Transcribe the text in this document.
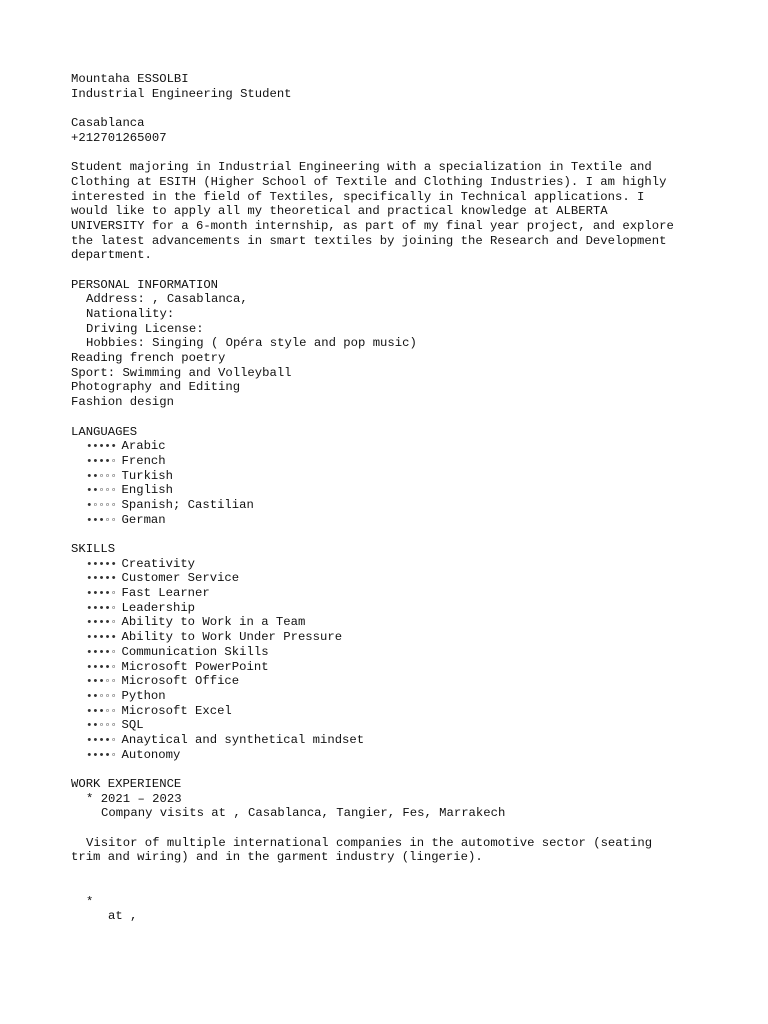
Mountaha ESSOLBI
Industrial Engineering Student
Casablanca
+212701265007
Student majoring in Industrial Engineering with a specialization in Textile and
Clothing at ESITH (Higher School of Textile and Clothing Industries). I am highly
interested in the field of Textiles, specifically in Technical applications. I
would like to apply all my theoretical and practical knowledge at ALBERTA
UNIVERSITY for a 6-month internship, as part of my final year project, and explore
the latest advancements in smart textiles by joining the Research and Development
department.
PERSONAL INFORMATION
Address: , Casablanca,
Nationality:
Driving License:
Hobbies: Singing ( Opéra style and pop music)
Reading french poetry
Sport: Swimming and Volleyball
Photography and Editing
Fashion design
LANGUAGES
••••• Arabic
••••◦ French
••◦◦◦ Turkish
••◦◦◦ English
•◦◦◦◦ Spanish; Castilian
•••◦◦ German
SKILLS
••••• Creativity
••••• Customer Service
••••◦ Fast Learner
••••◦ Leadership
••••◦ Ability to Work in a Team
••••• Ability to Work Under Pressure
••••◦ Communication Skills
••••◦ Microsoft PowerPoint
•••◦◦ Microsoft Office
••◦◦◦ Python
•••◦◦ Microsoft Excel
••◦◦◦ SQL
••••◦ Anaytical and synthetical mindset
••••◦ Autonomy
WORK EXPERIENCE
* 2021 – 2023
Company visits at , Casablanca, Tangier, Fes, Marrakech
Visitor of multiple international companies in the automotive sector (seating
trim and wiring) and in the garment industry (lingerie).
*
at ,
